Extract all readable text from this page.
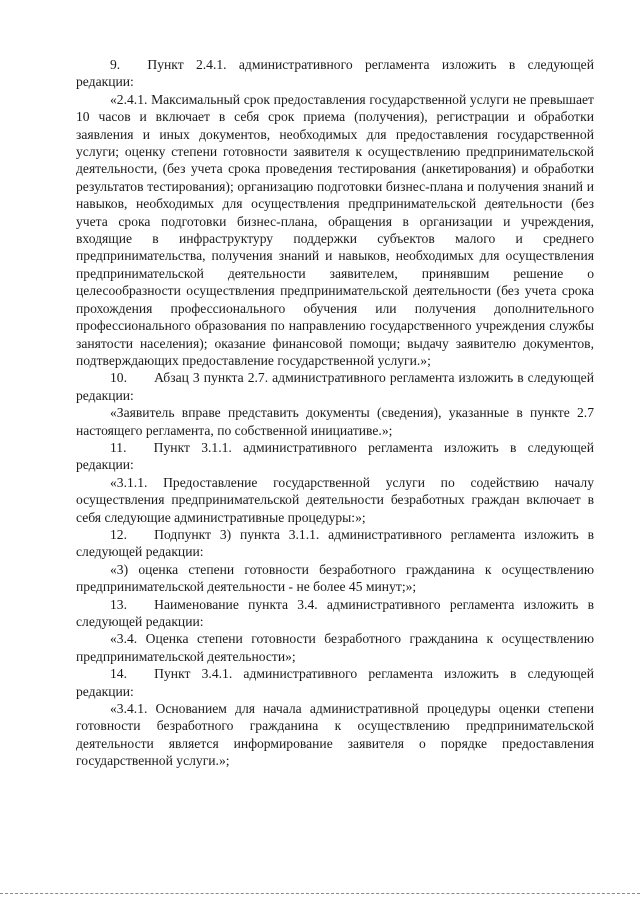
9.  Пункт 2.4.1. административного регламента изложить в следующей редакции:

«2.4.1. Максимальный срок предоставления государственной услуги не превышает 10 часов и включает в себя срок приема (получения), регистрации и обработки заявления и иных документов, необходимых для предоставления государственной услуги; оценку степени готовности заявителя к осуществлению предпринимательской деятельности, (без учета срока проведения тестирования (анкетирования) и обработки результатов тестирования); организацию подготовки бизнес-плана и получения знаний и навыков, необходимых для осуществления предпринимательской деятельности (без учета срока подготовки бизнес-плана, обращения в организации и учреждения, входящие в инфраструктуру поддержки субъектов малого и среднего предпринимательства, получения знаний и навыков, необходимых для осуществления предпринимательской деятельности заявителем, принявшим решение о целесообразности осуществления предпринимательской деятельности (без учета срока прохождения профессионального обучения или получения дополнительного профессионального образования по направлению государственного учреждения службы занятости населения); оказание финансовой помощи; выдачу заявителю документов, подтверждающих предоставление государственной услуги.»;

10.  Абзац 3 пункта 2.7. административного регламента изложить в следующей редакции:

«Заявитель вправе представить документы (сведения), указанные в пункте 2.7 настоящего регламента, по собственной инициативе.»;

11.  Пункт 3.1.1. административного регламента изложить в следующей редакции:

«3.1.1. Предоставление государственной услуги по содействию началу осуществления предпринимательской деятельности безработных граждан включает в себя следующие административные процедуры:»;

12.  Подпункт 3) пункта 3.1.1. административного регламента изложить в следующей редакции:

«3) оценка степени готовности безработного гражданина к осуществлению предпринимательской деятельности - не более 45 минут;»;

13.  Наименование пункта 3.4. административного регламента изложить в следующей редакции:

«3.4. Оценка степени готовности безработного гражданина к осуществлению предпринимательской деятельности»;

14.  Пункт 3.4.1. административного регламента изложить в следующей редакции:

«3.4.1. Основанием для начала административной процедуры оценки степени готовности безработного гражданина к осуществлению предпринимательской деятельности является информирование заявителя о порядке предоставления государственной услуги.»;
